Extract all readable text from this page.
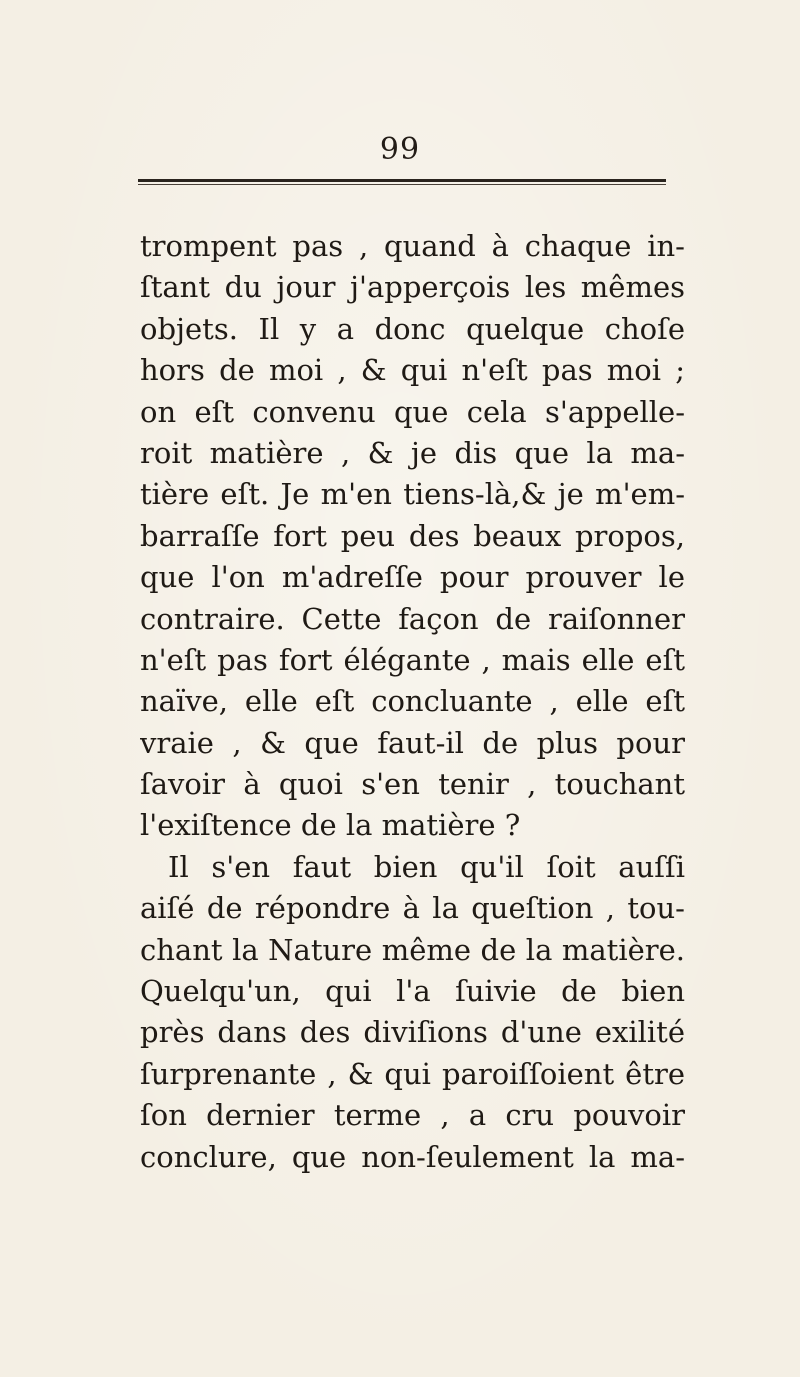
99
trompent pas , quand à chaque in-
ſtant du jour j'apperçois les mêmes
objets. Il y a donc quelque choſe
hors de moi , & qui n'eſt pas moi ;
on eſt convenu que cela s'appelle-
roit matière , & je dis que la ma-
tière eſt. Je m'en tiens-là,& je m'em-
barraſſe fort peu des beaux propos,
que l'on m'adreſſe pour prouver le
contraire. Cette façon de raiſonner
n'eſt pas fort élégante , mais elle eſt
naïve, elle eſt concluante , elle eſt
vraie , & que faut-il de plus pour
ſavoir à quoi s'en tenir , touchant
l'exiſtence de la matière ?
Il s'en faut bien qu'il ſoit auſſi
aiſé de répondre à la queſtion , tou-
chant la Nature même de la matière.
Quelqu'un, qui l'a ſuivie de bien
près dans des diviſions d'une exilité
ſurprenante , & qui paroiſſoient être
ſon dernier terme , a cru pouvoir
conclure, que non-ſeulement la ma-
